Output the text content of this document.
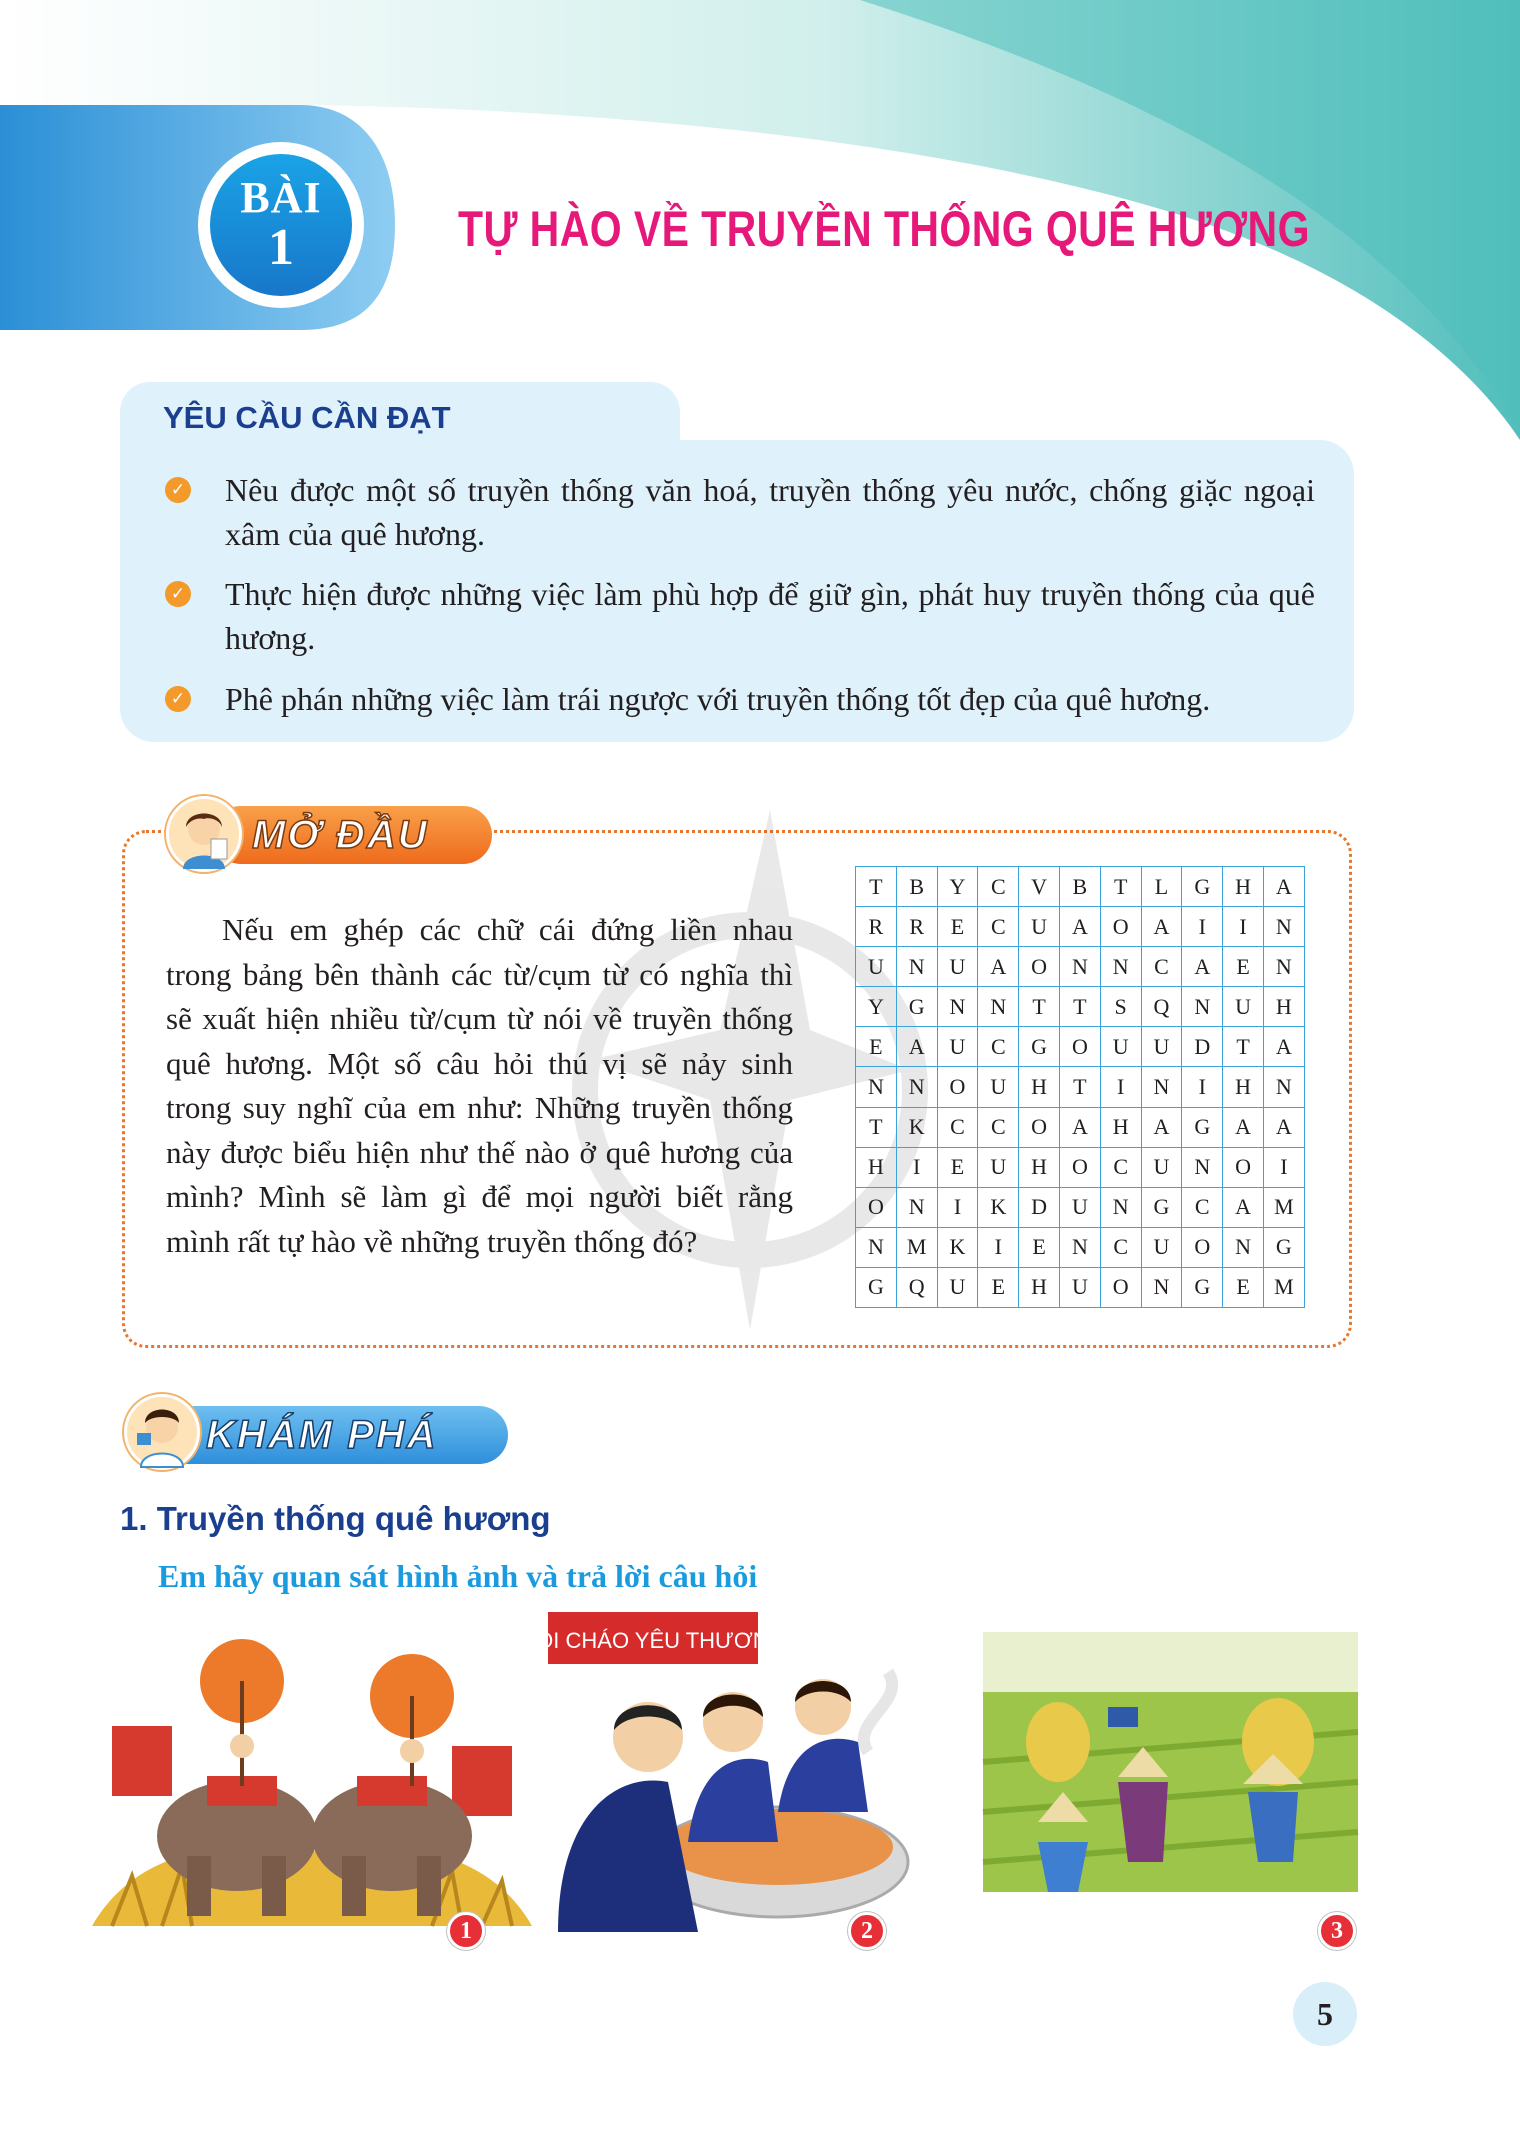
BÀI
1	TỰ HÀO VỀ TRUYỀN THỐNG QUÊ HƯƠNG
YÊU CẦU CẦN ĐẠT
✓ Nêu được một số truyền thống văn hoá, truyền thống yêu nước, chống giặc ngoại xâm của quê hương.
✓ Thực hiện được những việc làm phù hợp để giữ gìn, phát huy truyền thống của quê hương.
✓ Phê phán những việc làm trái ngược với truyền thống tốt đẹp của quê hương.
MỞ ĐẦU
Nếu em ghép các chữ cái đứng liền nhau trong bảng bên thành các từ/cụm từ có nghĩa thì sẽ xuất hiện nhiều từ/cụm từ nói về truyền thống quê hương. Một số câu hỏi thú vị sẽ nảy sinh trong suy nghĩ của em như: Những truyền thống này được biểu hiện như thế nào ở quê hương của mình? Mình sẽ làm gì để mọi người biết rằng mình rất tự hào về những truyền thống đó?
T	B	Y	C	V	B	T	L	G	H	A
R	R	E	C	U	A	O	A	I	I	N
U	N	U	A	O	N	N	C	A	E	N
Y	G	N	N	T	T	S	Q	N	U	H
E	A	U	C	G	O	U	U	D	T	A
N	N	O	U	H	T	I	N	I	H	N
T	K	C	C	O	A	H	A	G	A	A
H	I	E	U	H	O	C	U	N	O	I
O	N	I	K	D	U	N	G	C	A	M
N	M	K	I	E	N	C	U	O	N	G
G	Q	U	E	H	U	O	N	G	E	M
KHÁM PHÁ
1. Truyền thống quê hương
Em hãy quan sát hình ảnh và trả lời câu hỏi
1
NỒI CHÁO YÊU THƯƠNG
2	3
5
